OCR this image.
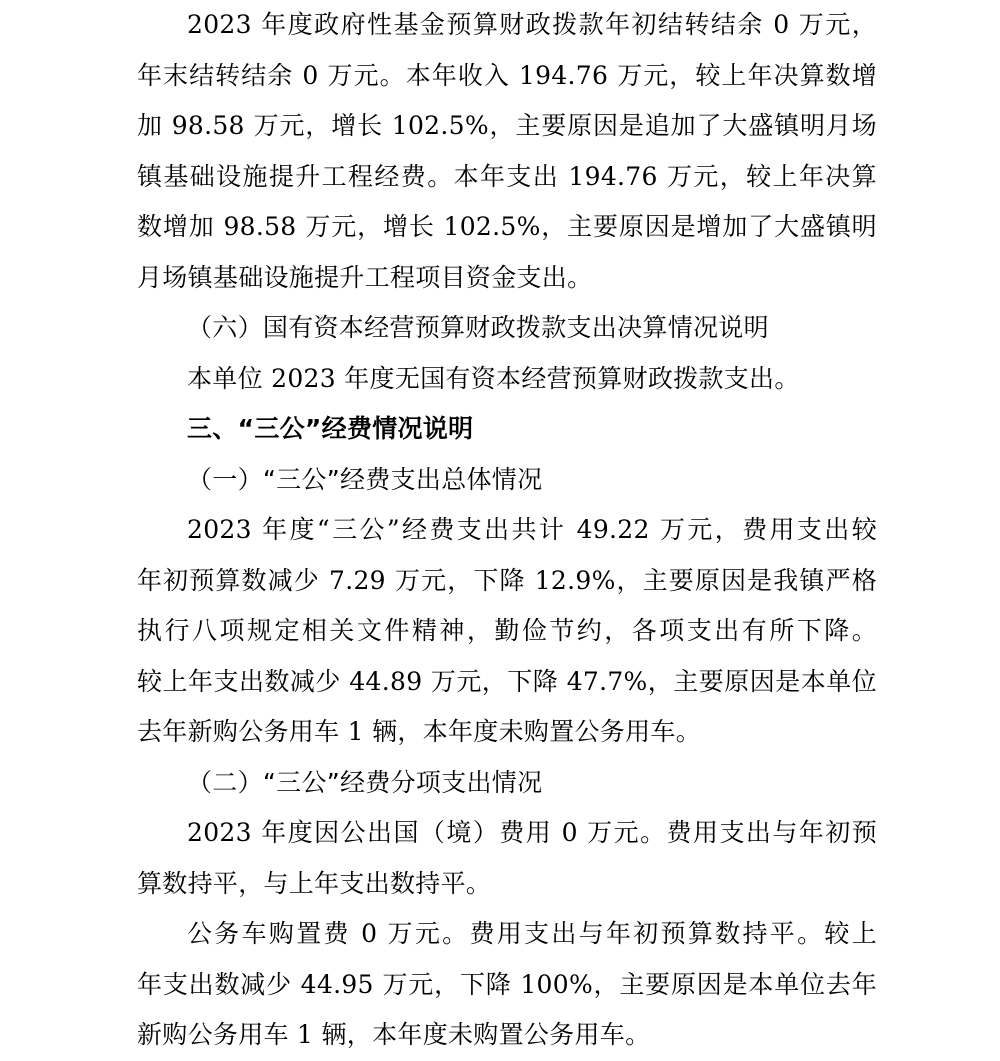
2023 年度政府性基金预算财政拨款年初结转结余 0 万元，
年末结转结余 0 万元。本年收入 194.76 万元，较上年决算数增
加 98.58 万元，增长 102.5%，主要原因是追加了大盛镇明月场
镇基础设施提升工程经费。本年支出 194.76 万元，较上年决算
数增加 98.58 万元，增长 102.5%，主要原因是增加了大盛镇明
月场镇基础设施提升工程项目资金支出。
（六）国有资本经营预算财政拨款支出决算情况说明
本单位 2023 年度无国有资本经营预算财政拨款支出。
三、“三公”经费情况说明
（一）“三公”经费支出总体情况
2023 年度“三公”经费支出共计 49.22 万元，费用支出较
年初预算数减少 7.29 万元，下降 12.9%，主要原因是我镇严格
执行八项规定相关文件精神，勤俭节约，各项支出有所下降。
较上年支出数减少 44.89 万元，下降 47.7%，主要原因是本单位
去年新购公务用车 1 辆，本年度未购置公务用车。
（二）“三公”经费分项支出情况
2023 年度因公出国（境）费用 0 万元。费用支出与年初预
算数持平，与上年支出数持平。
公务车购置费 0 万元。费用支出与年初预算数持平。较上
年支出数减少 44.95 万元，下降 100%，主要原因是本单位去年
新购公务用车 1 辆，本年度未购置公务用车。
